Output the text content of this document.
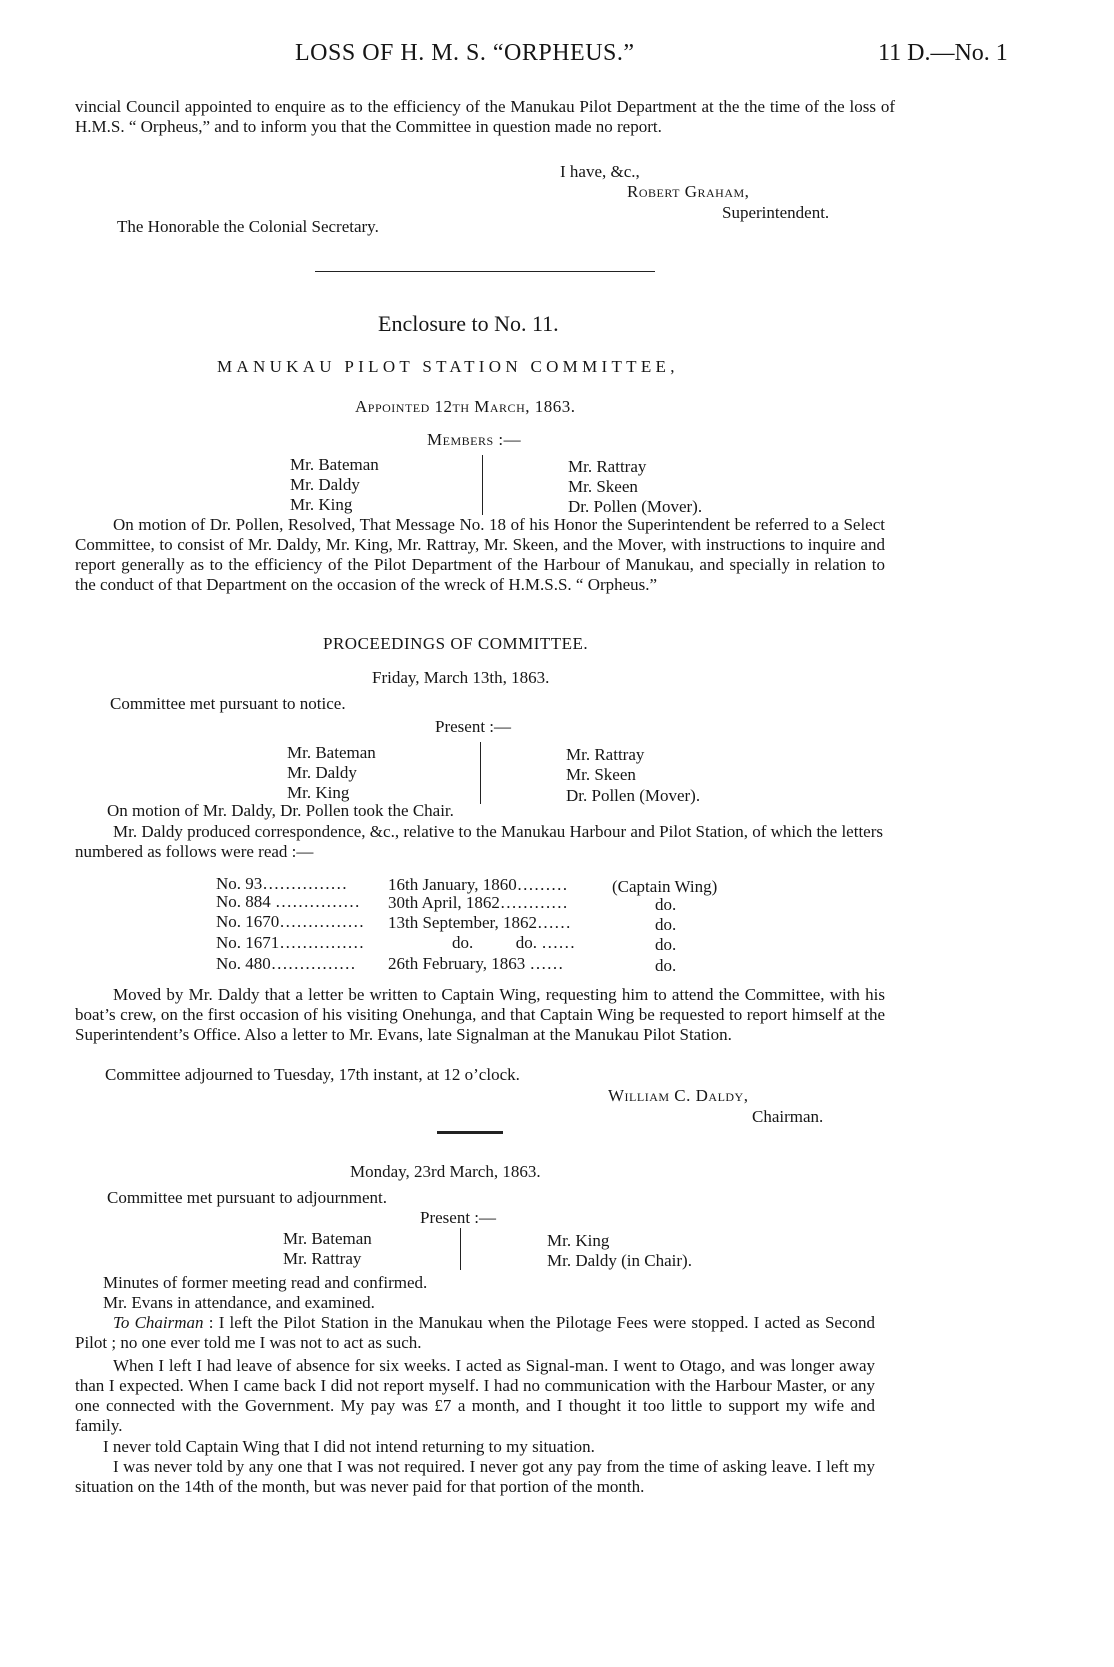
LOSS OF H. M. S. “ORPHEUS.”	11 D.—No. 1
vincial Council appointed to enquire as to the efficiency of the Manukau Pilot Department at the the time of the loss of H.M.S. “ Orpheus,” and to inform you that the Committee in question made no report.
I have, &c.,
Robert Graham,
Superintendent.
The Honorable the Colonial Secretary.
Enclosure to No. 11.
MANUKAU PILOT STATION COMMITTEE,
Appointed 12th March, 1863.
Members :—
Mr. Bateman
Mr. Daldy
Mr. King
Mr. Rattray
Mr. Skeen
Dr. Pollen (Mover).
On motion of Dr. Pollen, Resolved, That Message No. 18 of his Honor the Superintendent be referred to a Select Committee, to consist of Mr. Daldy, Mr. King, Mr. Rattray, Mr. Skeen, and the Mover, with instructions to inquire and report generally as to the efficiency of the Pilot Department of the Harbour of Manukau, and specially in relation to the conduct of that Department on the occasion of the wreck of H.M.S.S. “ Orpheus.”
PROCEEDINGS OF COMMITTEE.
Friday, March 13th, 1863.
Committee met pursuant to notice.
Present :—
Mr. Bateman
Mr. Daldy
Mr. King
Mr. Rattray
Mr. Skeen
Dr. Pollen (Mover).
On motion of Mr. Daldy, Dr. Pollen took the Chair.
Mr. Daldy produced correspondence, &c., relative to the Manukau Harbour and Pilot Station, of which the letters numbered as follows were read :—
No. 93…………… 16th January, 1860………	(Captain Wing)
No. 884 …………… 30th April, 1862…………	do.
No. 1670…………… 13th September, 1862……	do.
No. 1671……………	do.          do. ……	do.
No. 480…………… 26th February, 1863 ……	do.
Moved by Mr. Daldy that a letter be written to Captain Wing, requesting him to attend the Committee, with his boat’s crew, on the first occasion of his visiting Onehunga, and that Captain Wing be requested to report himself at the Superintendent’s Office. Also a letter to Mr. Evans, late Signalman at the Manukau Pilot Station.
Committee adjourned to Tuesday, 17th instant, at 12 o’clock.
William C. Daldy,
Chairman.
Monday, 23rd March, 1863.
Committee met pursuant to adjournment.
Present :—
Mr. Bateman
Mr. Rattray
Mr. King
Mr. Daldy (in Chair).
Minutes of former meeting read and confirmed.
Mr. Evans in attendance, and examined.
To Chairman : I left the Pilot Station in the Manukau when the Pilotage Fees were stopped. I acted as Second Pilot ; no one ever told me I was not to act as such.
When I left I had leave of absence for six weeks. I acted as Signal-man. I went to Otago, and was longer away than I expected. When I came back I did not report myself. I had no communication with the Harbour Master, or any one connected with the Government. My pay was £7 a month, and I thought it too little to support my wife and family.
I never told Captain Wing that I did not intend returning to my situation.
I was never told by any one that I was not required. I never got any pay from the time of asking leave. I left my situation on the 14th of the month, but was never paid for that portion of the month.
